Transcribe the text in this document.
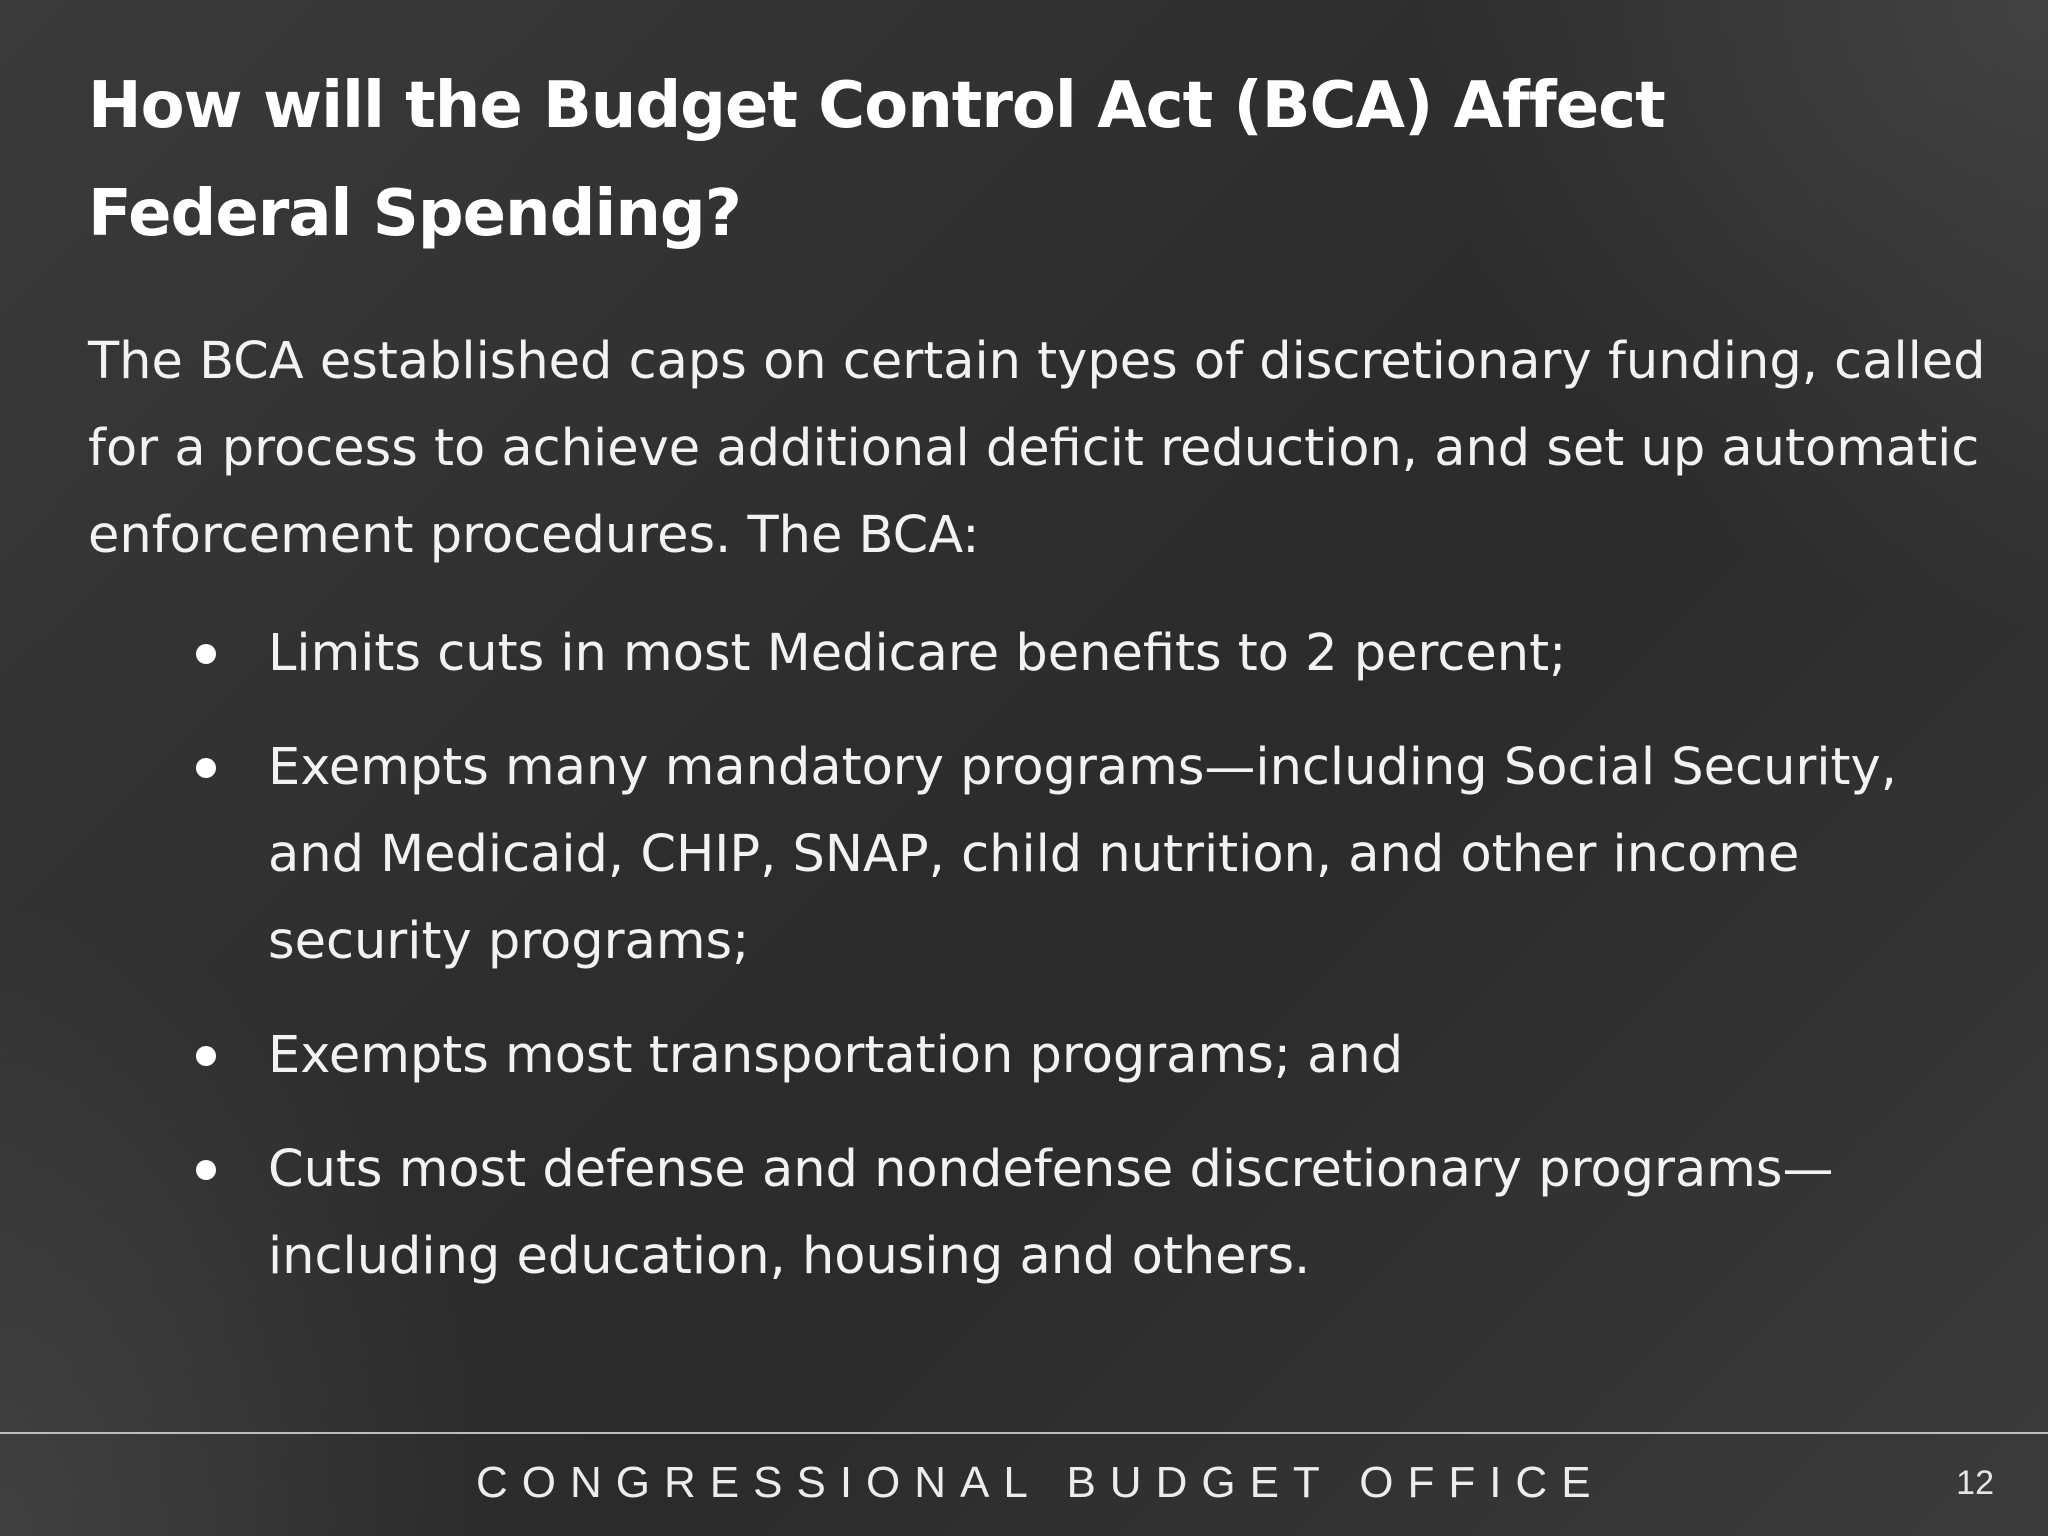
How will the Budget Control Act (BCA) Affect Federal Spending?

The BCA established caps on certain types of discretionary funding, called for a process to achieve additional deficit reduction, and set up automatic enforcement procedures. The BCA:

Limits cuts in most Medicare benefits to 2 percent;
Exempts many mandatory programs—including Social Security, and Medicaid, CHIP, SNAP, child nutrition, and other income security programs;
Exempts most transportation programs; and
Cuts most defense and nondefense discretionary programs—including education, housing and others.
CONGRESSIONAL BUDGET OFFICE	12
